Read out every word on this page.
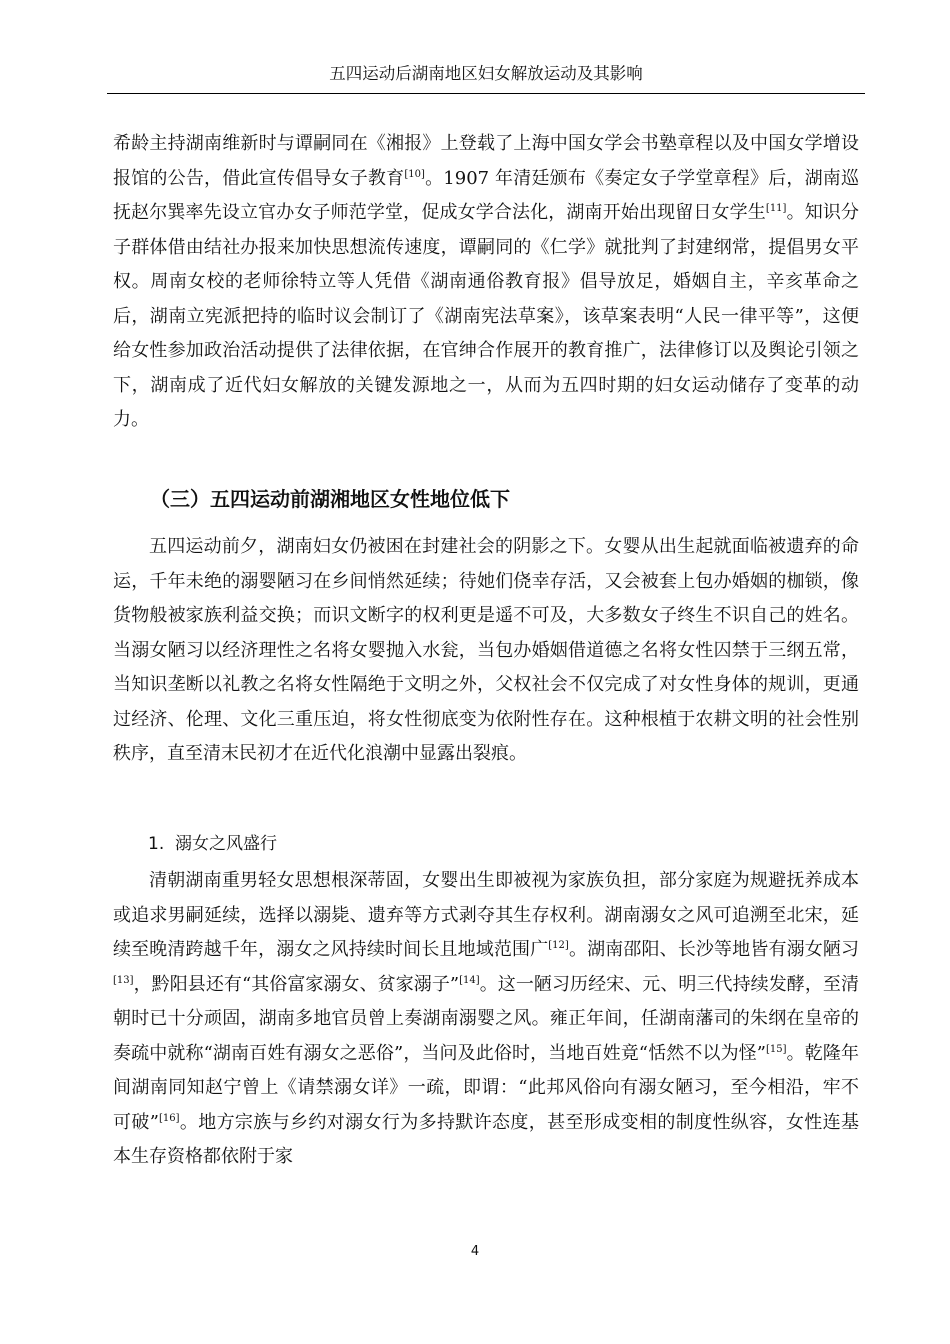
五四运动后湖南地区妇女解放运动及其影响

希龄主持湖南维新时与谭嗣同在《湘报》上登载了上海中国女学会书塾章程以及中国女学增设报馆的公告，借此宣传倡导女子教育[10]。1907 年清廷颁布《奏定女子学堂章程》后，湖南巡抚赵尔巽率先设立官办女子师范学堂，促成女学合法化，湖南开始出现留日女学生[11]。知识分子群体借由结社办报来加快思想流传速度，谭嗣同的《仁学》就批判了封建纲常，提倡男女平权。周南女校的老师徐特立等人凭借《湖南通俗教育报》倡导放足，婚姻自主，辛亥革命之后，湖南立宪派把持的临时议会制订了《湖南宪法草案》，该草案表明“人民一律平等”，这便给女性参加政治活动提供了法律依据，在官绅合作展开的教育推广，法律修订以及舆论引领之下，湖南成了近代妇女解放的关键发源地之一，从而为五四时期的妇女运动储存了变革的动力。

（三）五四运动前湖湘地区女性地位低下

五四运动前夕，湖南妇女仍被困在封建社会的阴影之下。女婴从出生起就面临被遗弃的命运，千年未绝的溺婴陋习在乡间悄然延续；待她们侥幸存活，又会被套上包办婚姻的枷锁，像货物般被家族利益交换；而识文断字的权利更是遥不可及，大多数女子终生不识自己的姓名。当溺女陋习以经济理性之名将女婴抛入水瓮，当包办婚姻借道德之名将女性囚禁于三纲五常，当知识垄断以礼教之名将女性隔绝于文明之外，父权社会不仅完成了对女性身体的规训，更通过经济、伦理、文化三重压迫，将女性彻底变为依附性存在。这种根植于农耕文明的社会性别秩序，直至清末民初才在近代化浪潮中显露出裂痕。

1. 溺女之风盛行

清朝湖南重男轻女思想根深蒂固，女婴出生即被视为家族负担，部分家庭为规避抚养成本或追求男嗣延续，选择以溺毙、遗弃等方式剥夺其生存权利。湖南溺女之风可追溯至北宋，延续至晚清跨越千年，溺女之风持续时间长且地域范围广[12]。湖南邵阳、长沙等地皆有溺女陋习[13]，黔阳县还有“其俗富家溺女、贫家溺子”[14]。这一陋习历经宋、元、明三代持续发酵，至清朝时已十分顽固，湖南多地官员曾上奏湖南溺婴之风。雍正年间，任湖南藩司的朱纲在皇帝的奏疏中就称“湖南百姓有溺女之恶俗”，当问及此俗时，当地百姓竟“恬然不以为怪”[15]。乾隆年间湖南同知赵宁曾上《请禁溺女详》一疏，即谓：“此邦风俗向有溺女陋习，至今相沿，牢不可破”[16]。地方宗族与乡约对溺女行为多持默许态度，甚至形成变相的制度性纵容，女性连基本生存资格都依附于家

4
